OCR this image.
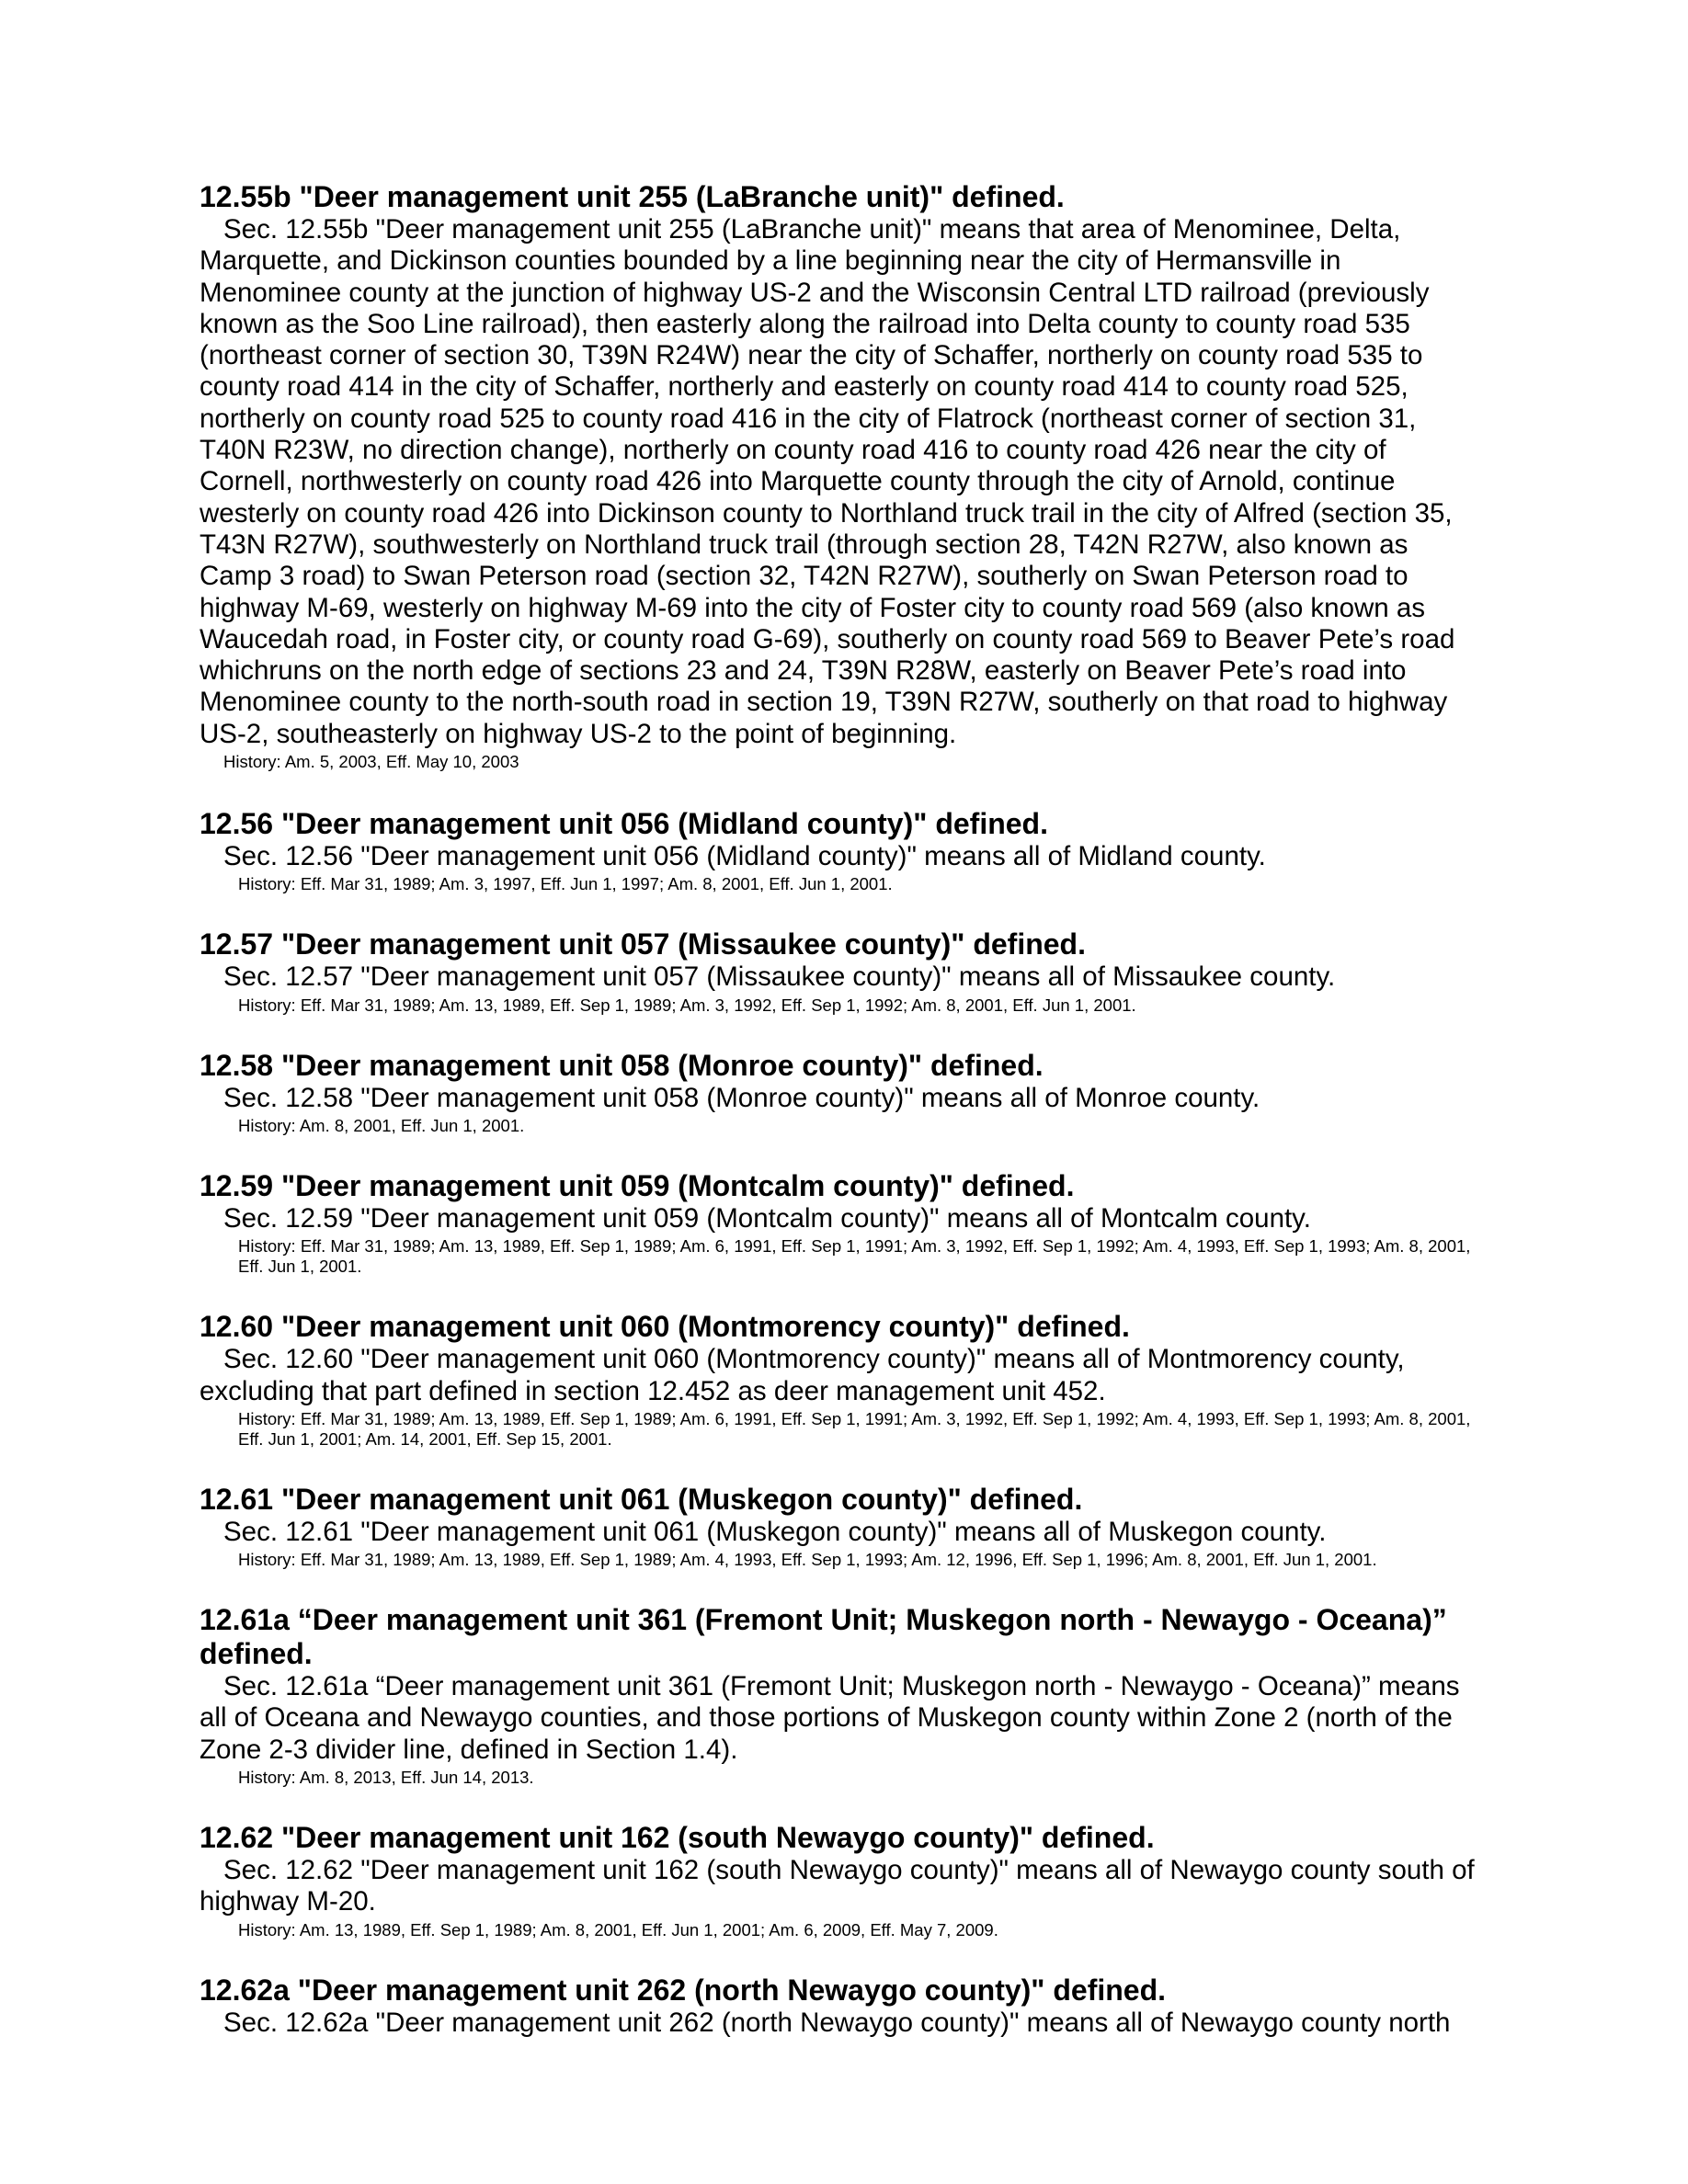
12.55b "Deer management unit 255 (LaBranche unit)" defined.
Sec. 12.55b "Deer management unit 255 (LaBranche unit)" means that area of Menominee, Delta, Marquette, and Dickinson counties bounded by a line beginning near the city of Hermansville in Menominee county at the junction of highway US-2 and the Wisconsin Central LTD railroad (previously known as the Soo Line railroad), then easterly along the railroad into Delta county to county road 535 (northeast corner of section 30, T39N R24W) near the city of Schaffer, northerly on county road 535 to county road 414 in the city of Schaffer, northerly and easterly on county road 414 to county road 525, northerly on county road 525 to county road 416 in the city of Flatrock (northeast corner of section 31, T40N R23W, no direction change), northerly on county road 416 to county road 426 near the city of Cornell, northwesterly on county road 426 into Marquette county through the city of Arnold, continue westerly on county road 426 into Dickinson county to Northland truck trail in the city of Alfred (section 35, T43N R27W), southwesterly on Northland truck trail (through section 28, T42N R27W, also known as Camp 3 road) to Swan Peterson road (section 32, T42N R27W), southerly on Swan Peterson road to highway M-69, westerly on highway M-69 into the city of Foster city to county road 569 (also known as Waucedah road, in Foster city, or county road G-69), southerly on county road 569 to Beaver Pete’s road whichruns on the north edge of sections 23 and 24, T39N R28W, easterly on Beaver Pete’s road into Menominee county to the north-south road in section 19, T39N R27W, southerly on that road to highway US-2, southeasterly on highway US-2 to the point of beginning.
History: Am. 5, 2003, Eff. May 10, 2003
12.56 "Deer management unit 056 (Midland county)" defined.
Sec. 12.56 "Deer management unit 056 (Midland county)" means all of Midland county.
History: Eff. Mar 31, 1989; Am. 3, 1997, Eff. Jun 1, 1997; Am. 8, 2001, Eff. Jun 1, 2001.
12.57 "Deer management unit 057 (Missaukee county)" defined.
Sec. 12.57 "Deer management unit 057 (Missaukee county)" means all of Missaukee county.
History: Eff. Mar 31, 1989; Am. 13, 1989, Eff. Sep 1, 1989; Am. 3, 1992, Eff. Sep 1, 1992; Am. 8, 2001, Eff. Jun 1, 2001.
12.58 "Deer management unit 058 (Monroe county)" defined.
Sec. 12.58 "Deer management unit 058 (Monroe county)" means all of Monroe county.
History: Am. 8, 2001, Eff. Jun 1, 2001.
12.59 "Deer management unit 059 (Montcalm county)" defined.
Sec. 12.59 "Deer management unit 059 (Montcalm county)" means all of Montcalm county.
History: Eff. Mar 31, 1989; Am. 13, 1989, Eff. Sep 1, 1989; Am. 6, 1991, Eff. Sep 1, 1991; Am. 3, 1992, Eff. Sep 1, 1992; Am. 4, 1993, Eff. Sep 1, 1993; Am. 8, 2001, Eff. Jun 1, 2001.
12.60 "Deer management unit 060 (Montmorency county)" defined.
Sec. 12.60 "Deer management unit 060 (Montmorency county)" means all of Montmorency county, excluding that part defined in section 12.452 as deer management unit 452.
History: Eff. Mar 31, 1989; Am. 13, 1989, Eff. Sep 1, 1989; Am. 6, 1991, Eff. Sep 1, 1991; Am. 3, 1992, Eff. Sep 1, 1992; Am. 4, 1993, Eff. Sep 1, 1993; Am. 8, 2001, Eff. Jun 1, 2001; Am. 14, 2001, Eff. Sep 15, 2001.
12.61 "Deer management unit 061 (Muskegon county)" defined.
Sec. 12.61 "Deer management unit 061 (Muskegon county)" means all of Muskegon county.
History: Eff. Mar 31, 1989; Am. 13, 1989, Eff. Sep 1, 1989; Am. 4, 1993, Eff. Sep 1, 1993; Am. 12, 1996, Eff. Sep 1, 1996; Am. 8, 2001, Eff. Jun 1, 2001.
12.61a “Deer management unit 361 (Fremont Unit; Muskegon north - Newaygo - Oceana)” defined.
Sec. 12.61a “Deer management unit 361 (Fremont Unit; Muskegon north - Newaygo - Oceana)” means all of Oceana and Newaygo counties, and those portions of Muskegon county within Zone 2 (north of the Zone 2-3 divider line, defined in Section 1.4).
History: Am. 8, 2013, Eff. Jun 14, 2013.
12.62 "Deer management unit 162 (south Newaygo county)" defined.
Sec. 12.62 "Deer management unit 162 (south Newaygo county)" means all of Newaygo county south of highway M-20.
History: Am. 13, 1989, Eff. Sep 1, 1989; Am. 8, 2001, Eff. Jun 1, 2001; Am. 6, 2009, Eff. May 7, 2009.
12.62a "Deer management unit 262 (north Newaygo county)" defined.
Sec. 12.62a "Deer management unit 262 (north Newaygo county)" means all of Newaygo county north
